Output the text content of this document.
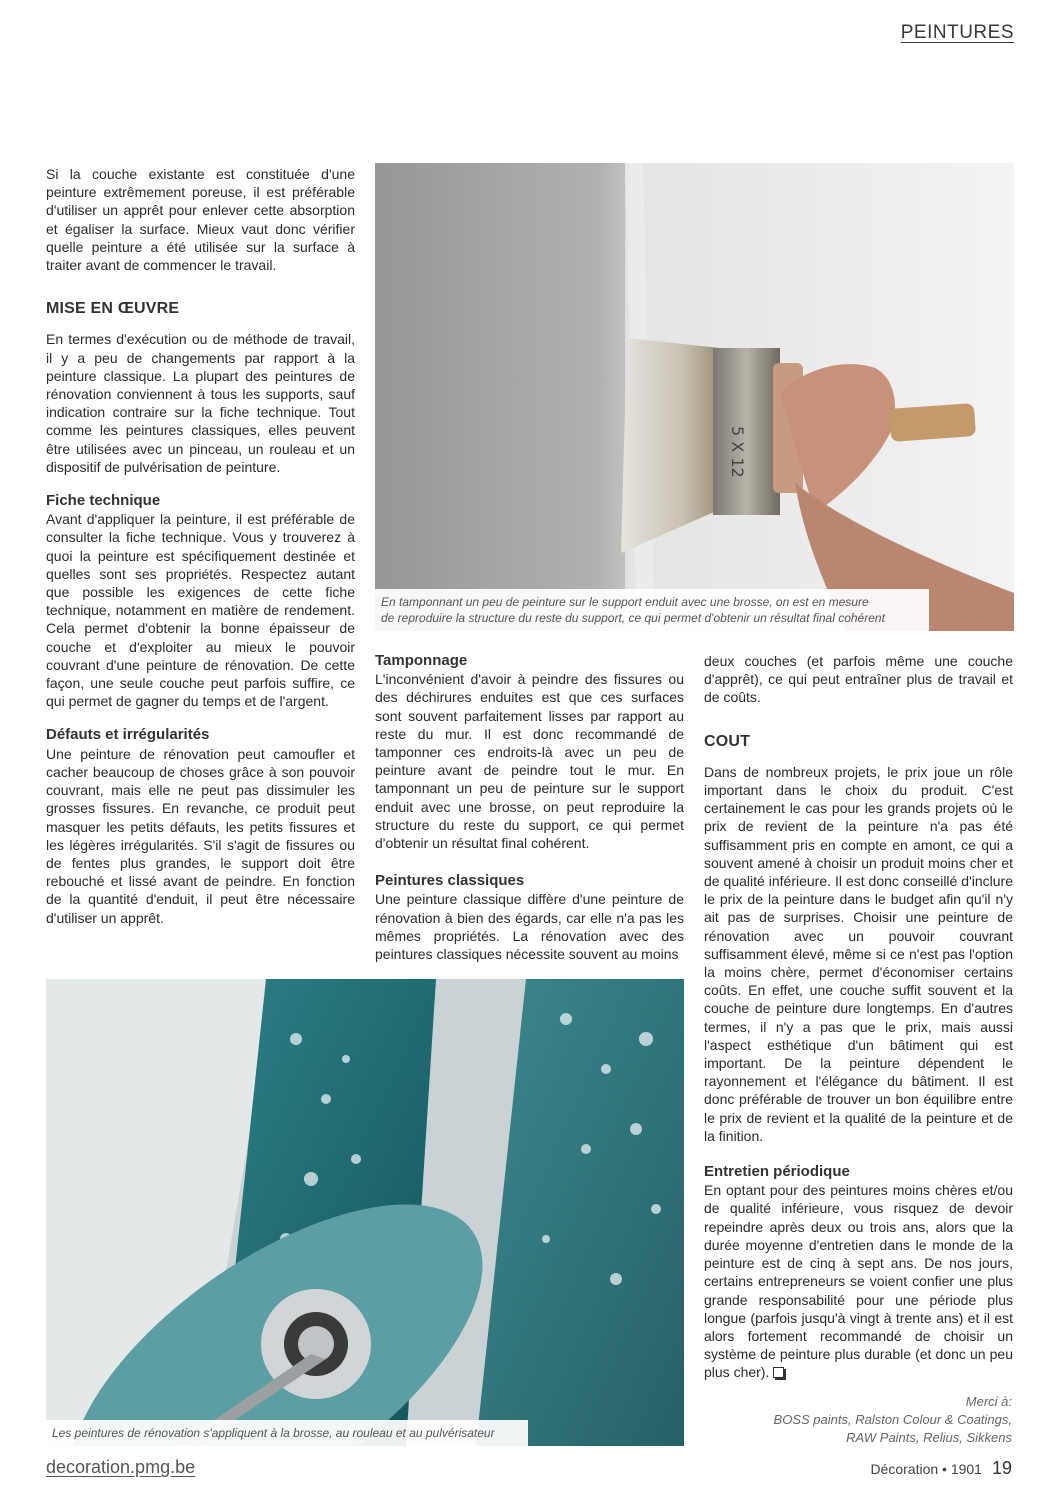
PEINTURES

Si la couche existante est constituée d'une peinture extrêmement poreuse, il est préférable d'utiliser un apprêt pour enlever cette absorption et égaliser la surface. Mieux vaut donc vérifier quelle peinture a été utilisée sur la surface à traiter avant de commencer le travail.

MISE EN ŒUVRE

En termes d'exécution ou de méthode de travail, il y a peu de changements par rapport à la peinture classique. La plupart des peintures de rénovation conviennent à tous les supports, sauf indication contraire sur la fiche technique. Tout comme les peintures classiques, elles peuvent être utilisées avec un pinceau, un rouleau et un dispositif de pulvérisation de peinture.

Fiche technique

Avant d'appliquer la peinture, il est préférable de consulter la fiche technique. Vous y trouverez à quoi la peinture est spécifiquement destinée et quelles sont ses propriétés. Respectez autant que possible les exigences de cette fiche technique, notamment en matière de rendement. Cela permet d'obtenir la bonne épaisseur de couche et d'exploiter au mieux le pouvoir couvrant d'une peinture de rénovation. De cette façon, une seule couche peut parfois suffire, ce qui permet de gagner du temps et de l'argent.

Défauts et irrégularités

Une peinture de rénovation peut camoufler et cacher beaucoup de choses grâce à son pouvoir couvrant, mais elle ne peut pas dissimuler les grosses fissures. En revanche, ce produit peut masquer les petits défauts, les petits fissures et les légères irrégularités. S'il s'agit de fissures ou de fentes plus grandes, le support doit être rebouché et lissé avant de peindre. En fonction de la quantité d'enduit, il peut être nécessaire d'utiliser un apprêt.

5 X 12
En tamponnant un peu de peinture sur le support enduit avec une brosse, on est en mesure
de reproduire la structure du reste du support, ce qui permet d'obtenir un résultat final cohérent
Tamponnage

L'inconvénient d'avoir à peindre des fissures ou des déchirures enduites est que ces surfaces sont souvent parfaitement lisses par rapport au reste du mur. Il est donc recommandé de tamponner ces endroits-là avec un peu de peinture avant de peindre tout le mur. En tamponnant un peu de peinture sur le support enduit avec une brosse, on peut reproduire la structure du reste du support, ce qui permet d'obtenir un résultat final cohérent.

Peintures classiques

Une peinture classique diffère d'une peinture de rénovation à bien des égards, car elle n'a pas les mêmes propriétés. La rénovation avec des peintures classiques nécessite souvent au moins

deux couches (et parfois même une couche d'apprêt), ce qui peut entraîner plus de travail et de coûts.

COUT

Dans de nombreux projets, le prix joue un rôle important dans le choix du produit. C'est certainement le cas pour les grands projets où le prix de revient de la peinture n'a pas été suffisamment pris en compte en amont, ce qui a souvent amené à choisir un produit moins cher et de qualité inférieure. Il est donc conseillé d'inclure le prix de la peinture dans le budget afin qu'il n'y ait pas de surprises. Choisir une peinture de rénovation avec un pouvoir couvrant suffisamment élevé, même si ce n'est pas l'option la moins chère, permet d'économiser certains coûts. En effet, une couche suffit souvent et la couche de peinture dure longtemps. En d'autres termes, il n'y a pas que le prix, mais aussi l'aspect esthétique d'un bâtiment qui est important. De la peinture dépendent le rayonnement et l'élégance du bâtiment. Il est donc préférable de trouver un bon équilibre entre le prix de revient et la qualité de la peinture et de la finition.

Entretien périodique

En optant pour des peintures moins chères et/ou de qualité inférieure, vous risquez de devoir repeindre après deux ou trois ans, alors que la durée moyenne d'entretien dans le monde de la peinture est de cinq à sept ans. De nos jours, certains entrepreneurs se voient confier une plus grande responsabilité pour une période plus longue (parfois jusqu'à vingt à trente ans) et il est alors fortement recommandé de choisir un système de peinture plus durable (et donc un peu plus cher).

Les peintures de rénovation s'appliquent à la brosse, au rouleau et au pulvérisateur
Merci à:
BOSS paints, Ralston Colour & Coatings,
RAW Paints, Relius, Sikkens
decoration.pmg.be	Décoration • 1901 19
